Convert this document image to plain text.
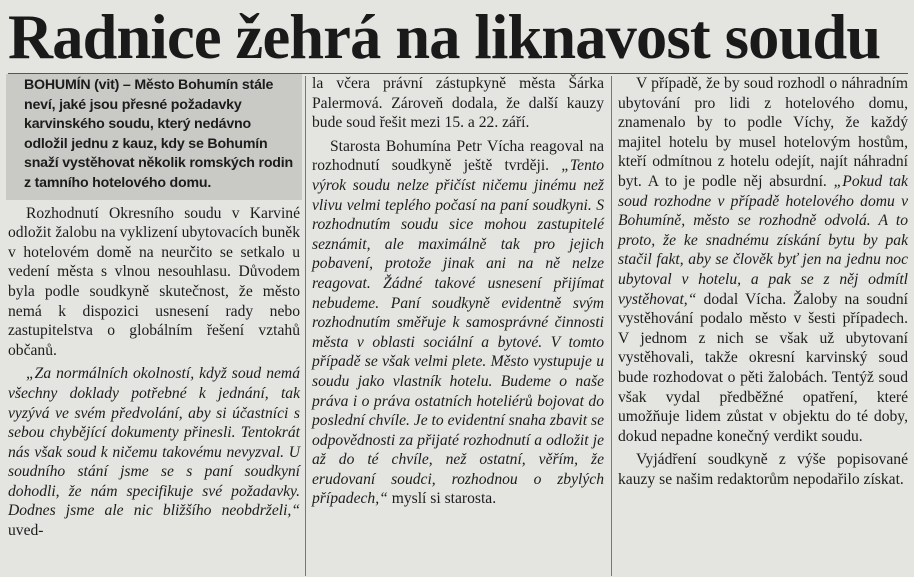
Radnice žehrá na liknavost soudu
BOHUMÍN (vit) – Město Bohumín stále neví, jaké jsou přesné požadavky karvinského soudu, který nedávno odložil jednu z kauz, kdy se Bohumín snaží vystěhovat několik romských rodin z tamního hotelového domu.

Rozhodnutí Okresního soudu v Karviné odložit žalobu na vyklizení ubytovacích buněk v hotelovém domě na neurčito se setkalo u vedení města s vlnou nesouhlasu. Důvodem byla podle soudkyně skutečnost, že město nemá k dispozici usnesení rady nebo zastupitelstva o globálním řešení vztahů občanů.

„Za normálních okolností, když soud nemá všechny doklady potřebné k jednání, tak vyzývá ve svém předvolání, aby si účastníci s sebou chybějící dokumenty přinesli. Tentokrát nás však soud k ničemu takovému nevyzval. U soudního stání jsme se s paní soudkyní dohodli, že nám specifikuje své požadavky. Dodnes jsme ale nic bližšího neobdrželi,“ uved-

la včera právní zástupkyně města Šárka Palermová. Zároveň dodala, že další kauzy bude soud řešit mezi 15. a 22. září.

Starosta Bohumína Petr Vícha reagoval na rozhodnutí soudkyně ještě tvrději. „Tento výrok soudu nelze přičíst ničemu jinému než vlivu velmi teplého počasí na paní soudkyni. S rozhodnutím soudu sice mohou zastupitelé seznámit, ale maximálně tak pro jejich pobavení, protože jinak ani na ně nelze reagovat. Žádné takové usnesení přijímat nebudeme. Paní soudkyně evidentně svým rozhodnutím směřuje k samosprávné činnosti města v oblasti sociální a bytové. V tomto případě se však velmi plete. Město vystupuje u soudu jako vlastník hotelu. Budeme o naše práva i o práva ostatních hoteliérů bojovat do poslední chvíle. Je to evidentní snaha zbavit se odpovědnosti za přijaté rozhodnutí a odložit je až do té chvíle, než ostatní, věřím, že erudovaní soudci, rozhodnou o zbylých případech,“ myslí si starosta.

V případě, že by soud rozhodl o náhradním ubytování pro lidi z hotelového domu, znamenalo by to podle Víchy, že každý majitel hotelu by musel hotelovým hostům, kteří odmítnou z hotelu odejít, najít náhradní byt. A to je podle něj absurdní. „Pokud tak soud rozhodne v případě hotelového domu v Bohumíně, město se rozhodně odvolá. A to proto, že ke snadnému získání bytu by pak stačil fakt, aby se člověk byť jen na jednu noc ubytoval v hotelu, a pak se z něj odmítl vystěhovat,“ dodal Vícha. Žaloby na soudní vystěhování podalo město v šesti případech. V jednom z nich se však už ubytovaní vystěhovali, takže okresní karvinský soud bude rozhodovat o pěti žalobách. Tentýž soud však vydal předběžné opatření, které umožňuje lidem zůstat v objektu do té doby, dokud nepadne konečný verdikt soudu.

Vyjádření soudkyně z výše popisované kauzy se našim redaktorům nepodařilo získat.
